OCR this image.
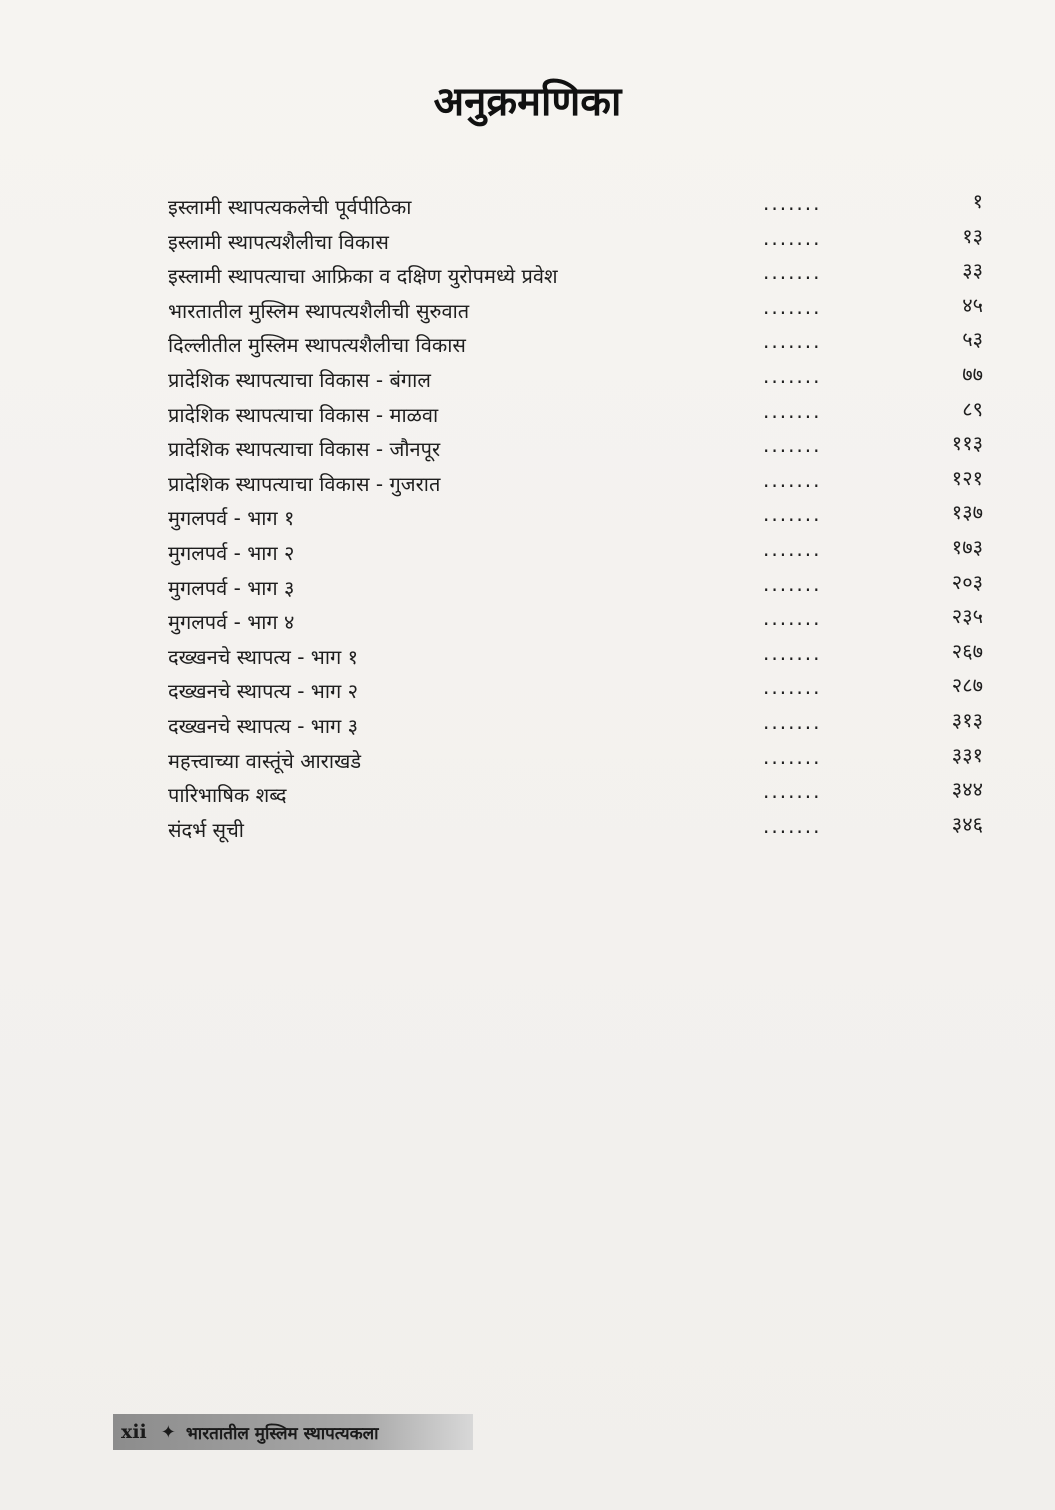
अनुक्रमणिका
इस्लामी स्थापत्यकलेची पूर्वपीठिका	.......	१
इस्लामी स्थापत्यशैलीचा विकास	.......	१३
इस्लामी स्थापत्याचा आफ्रिका व दक्षिण युरोपमध्ये प्रवेश	.......	३३
भारतातील मुस्लिम स्थापत्यशैलीची सुरुवात	.......	४५
दिल्लीतील मुस्लिम स्थापत्यशैलीचा विकास	.......	५३
प्रादेशिक स्थापत्याचा विकास - बंगाल	.......	७७
प्रादेशिक स्थापत्याचा विकास - माळवा	.......	८९
प्रादेशिक स्थापत्याचा विकास - जौनपूर	.......	११३
प्रादेशिक स्थापत्याचा विकास - गुजरात	.......	१२१
मुगलपर्व - भाग १	.......	१३७
मुगलपर्व - भाग २	.......	१७३
मुगलपर्व - भाग ३	.......	२०३
मुगलपर्व - भाग ४	.......	२३५
दख्खनचे स्थापत्य - भाग १	.......	२६७
दख्खनचे स्थापत्य - भाग २	.......	२८७
दख्खनचे स्थापत्य - भाग ३	.......	३१३
महत्त्वाच्या वास्तूंचे आराखडे	.......	३३१
पारिभाषिक शब्द	.......	३४४
संदर्भ सूची	.......	३४६
xii ✦ भारतातील मुस्लिम स्थापत्यकला
